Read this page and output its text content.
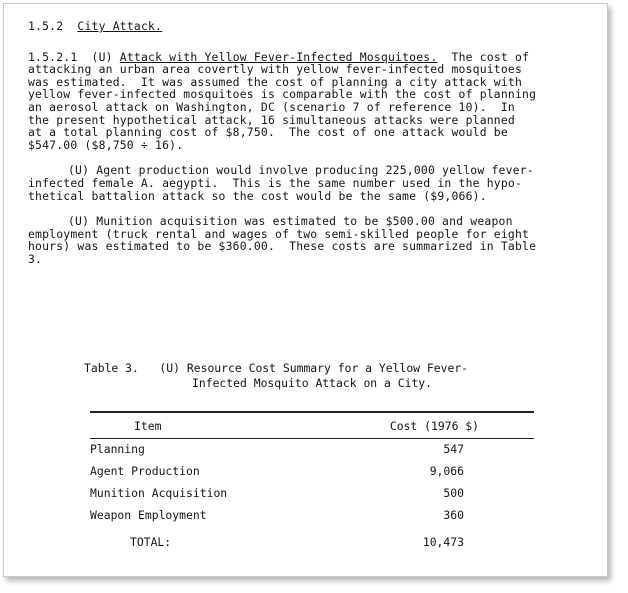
1.5.2 City Attack.
1.5.2.1 (U) Attack with Yellow Fever-Infected Mosquitoes. The cost of
attacking an urban area covertly with yellow fever-infected mosquitoes
was estimated.  It was assumed the cost of planning a city attack with
yellow fever-infected mosquitoes is comparable with the cost of planning
an aerosol attack on Washington, DC (scenario 7 of reference 10).  In
the present hypothetical attack, 16 simultaneous attacks were planned
at a total planning cost of $8,750.  The cost of one attack would be
$547.00 ($8,750 ÷ 16).
(U) Agent production would involve producing 225,000 yellow fever-
infected female A. aegypti.  This is the same number used in the hypo-
thetical battalion attack so the cost would be the same ($9,066).
(U) Munition acquisition was estimated to be $500.00 and weapon
employment (truck rental and wages of two semi-skilled people for eight
hours) was estimated to be $360.00.  These costs are summarized in Table
3.
Table 3.   (U) Resource Cost Summary for a Yellow Fever-
Infected Mosquito Attack on a City.
Item	Cost (1976 $)
Planning	547
Agent Production	9,066
Munition Acquisition	500
Weapon Employment	360
TOTAL:	10,473
